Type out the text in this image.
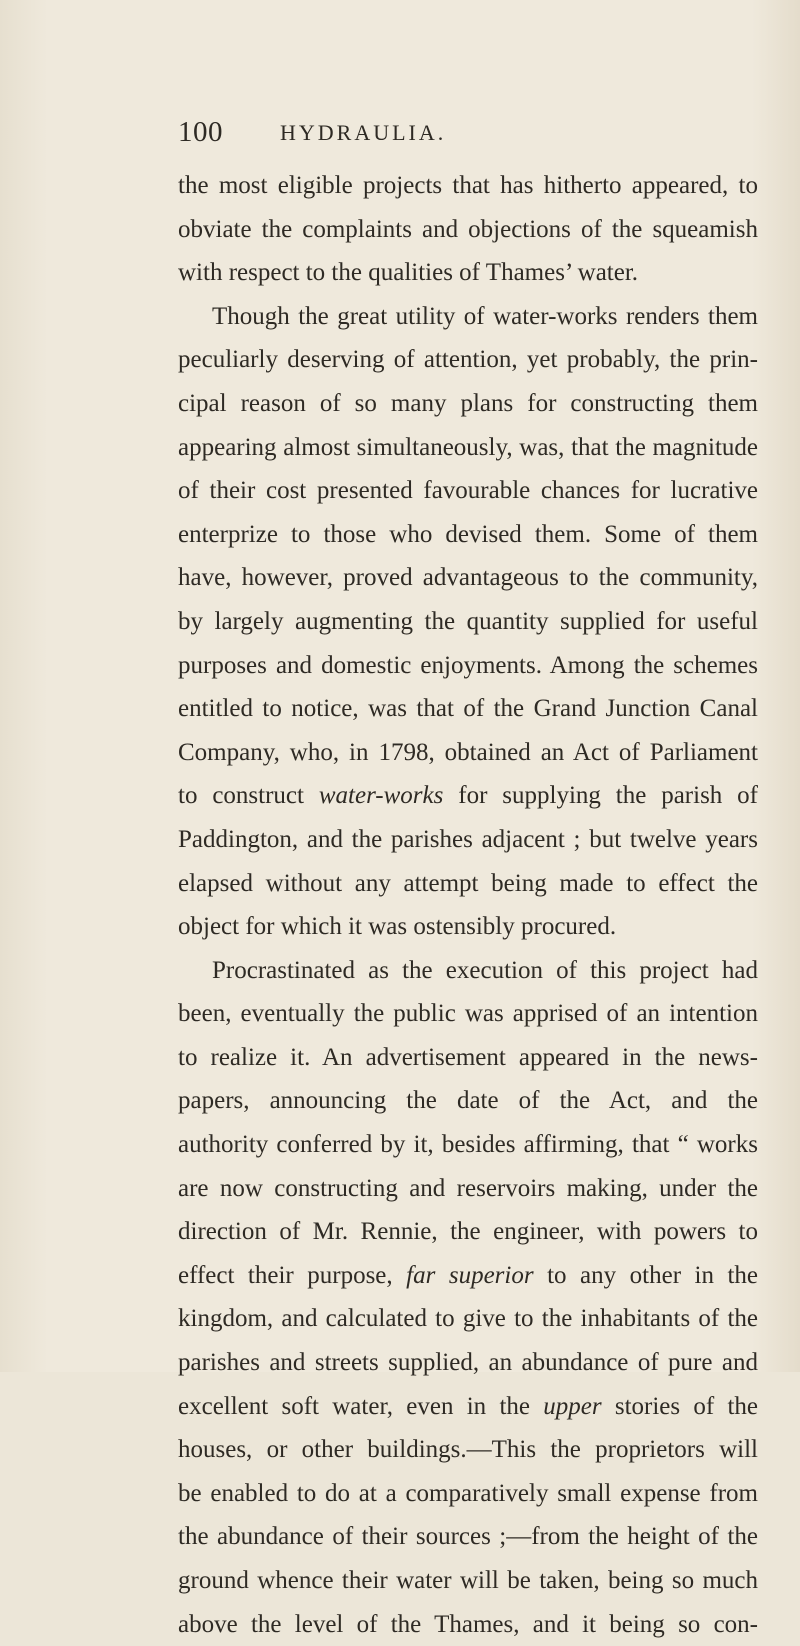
100	HYDRAULIA.
the most eligible projects that has hitherto appeared, to
obviate the complaints and objections of the squeamish
with respect to the qualities of Thames’ water.
Though the great utility of water-works renders them
peculiarly deserving of attention, yet probably, the prin-
cipal reason of so many plans for constructing them
appearing almost simultaneously, was, that the magnitude
of their cost presented favourable chances for lucrative
enterprize to those who devised them. Some of them
have, however, proved advantageous to the community,
by largely augmenting the quantity supplied for useful
purposes and domestic enjoyments. Among the schemes
entitled to notice, was that of the Grand Junction Canal
Company, who, in 1798, obtained an Act of Parliament
to construct water-works for supplying the parish of
Paddington, and the parishes adjacent ; but twelve years
elapsed without any attempt being made to effect the
object for which it was ostensibly procured.
Procrastinated as the execution of this project had
been, eventually the public was apprised of an intention
to realize it. An advertisement appeared in the news-
papers, announcing the date of the Act, and the
authority conferred by it, besides affirming, that “ works
are now constructing and reservoirs making, under the
direction of Mr. Rennie, the engineer, with powers to
effect their purpose, far superior to any other in the
kingdom, and calculated to give to the inhabitants of the
parishes and streets supplied, an abundance of pure and
excellent soft water, even in the upper stories of the
houses, or other buildings.—This the proprietors will
be enabled to do at a comparatively small expense from
the abundance of their sources ;—from the height of the
ground whence their water will be taken, being so much
above the level of the Thames, and it being so con-
